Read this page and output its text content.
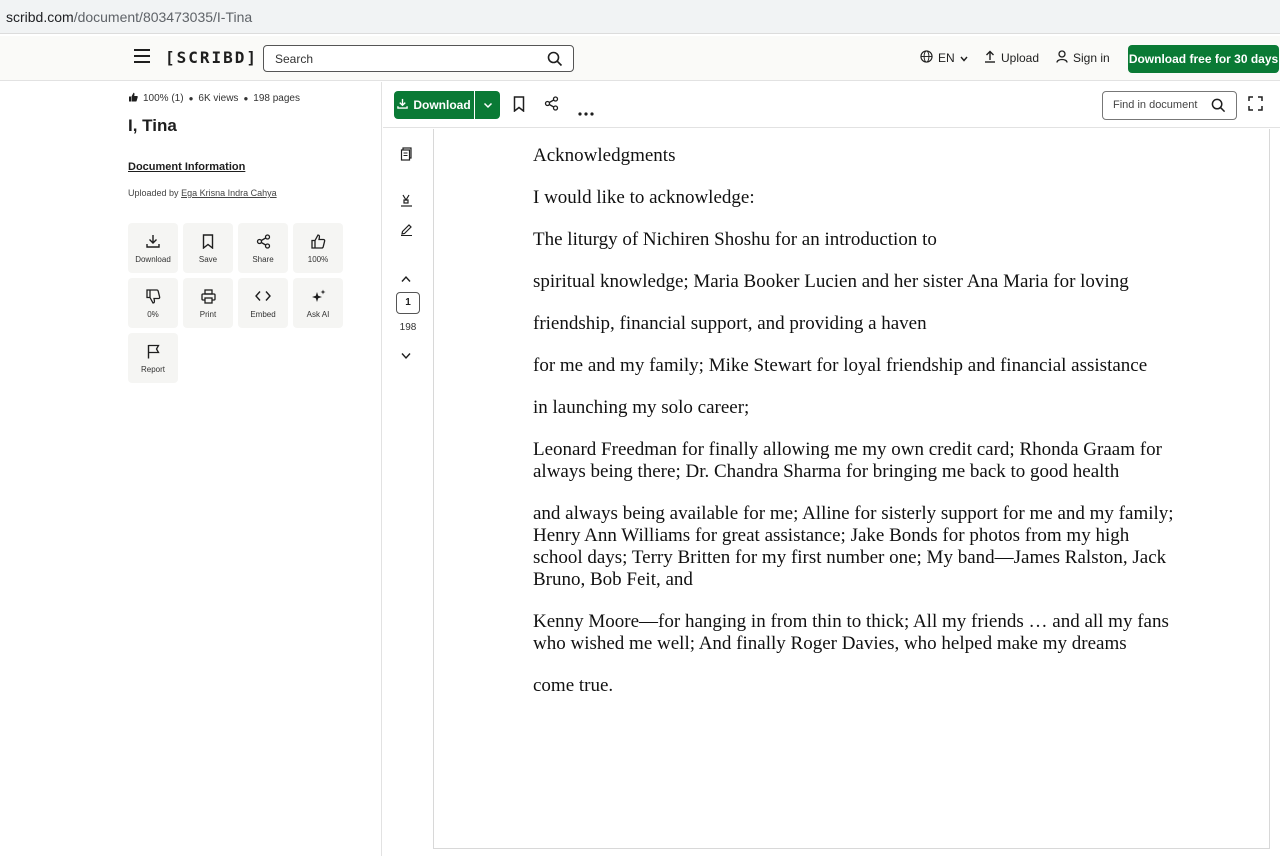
scribd.com/document/803473035/I-Tina
[SCRIBD] Search	EN	Upload	Sign in Download free for 30 days
100% (1) ● 6K views ● 198 pages
I, Tina
Document Information
Uploaded by Ega Krisna Indra Cahya
Download	Save	Share	100%
0%	Print	Embed	Ask AI
Report
Download	Find in document
1
198

Acknowledgments

I would like to acknowledge:

The liturgy of Nichiren Shoshu for an introduction to

spiritual knowledge; Maria Booker Lucien and her sister Ana Maria for loving

friendship, financial support, and providing a haven

for me and my family; Mike Stewart for loyal friendship and financial assistance

in launching my solo career;

Leonard Freedman for finally allowing me my own credit card; Rhonda Graam for always being there; Dr. Chandra Sharma for bringing me back to good health

and always being available for me; Alline for sisterly support for me and my family; Henry Ann Williams for great assistance; Jake Bonds for photos from my high school days; Terry Britten for my first number one; My band—James Ralston, Jack Bruno, Bob Feit, and

Kenny Moore—for hanging in from thin to thick; All my friends … and all my fans who wished me well; And finally Roger Davies, who helped make my dreams

come true.
